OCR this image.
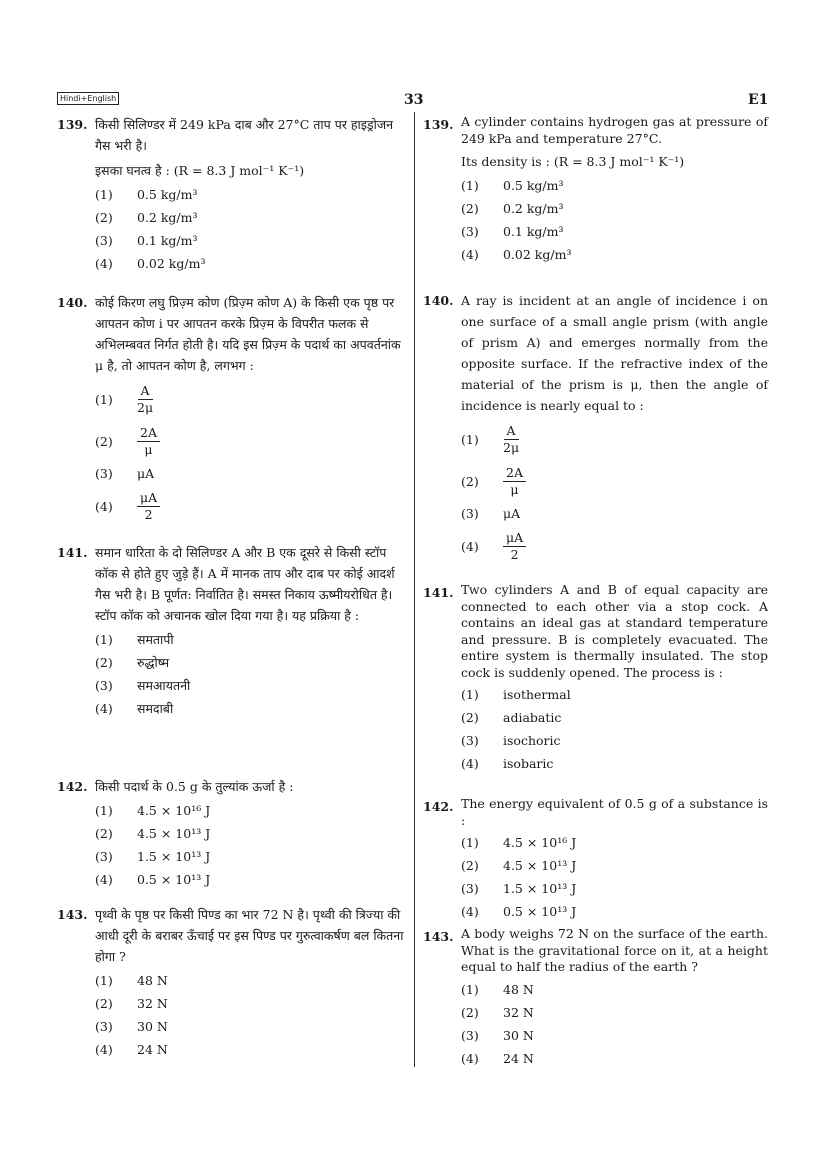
Hindi+English	33	E1
139. किसी सिलिण्डर में 249 kPa दाब और 27°C ताप पर हाइड्रोजन गैस भरी है।
इसका घनत्व है : (R = 8.3 J mol⁻¹ K⁻¹)
(1)	0.5 kg/m³
(2)	0.2 kg/m³
(3)	0.1 kg/m³
(4)	0.02 kg/m³
140. कोई किरण लघु प्रिज़्म कोण (प्रिज़्म कोण A) के किसी एक पृष्ठ पर आपतन कोण i पर आपतन करके प्रिज़्म के विपरीत फलक से अभिलम्बवत निर्गत होती है। यदि इस प्रिज़्म के पदार्थ का अपवर्तनांक μ है, तो आपतन कोण है, लगभग :
(1)	$\frac{A}{2\mu}$
(2)	$\frac{2A}{\mu}$
(3)	μA
(4)	$\frac{\mu A}{2}$
141. समान धारिता के दो सिलिण्डर A और B एक दूसरे से किसी स्टॉप कॉक से होते हुए जुड़े हैं। A में मानक ताप और दाब पर कोई आदर्श गैस भरी है। B पूर्णत: निर्वातित है। समस्त निकाय ऊष्मीयरोधित है। स्टॉप कॉक को अचानक खोल दिया गया है। यह प्रक्रिया है :
(1)	समतापी
(2)	रुद्धोष्म
(3)	समआयतनी
(4)	समदाबी
142. किसी पदार्थ के 0.5 g के तुल्यांक ऊर्जा है :
(1)	4.5 × 10¹⁶ J
(2)	4.5 × 10¹³ J
(3)	1.5 × 10¹³ J
(4)	0.5 × 10¹³ J
143. पृथ्वी के पृष्ठ पर किसी पिण्ड का भार 72 N है। पृथ्वी की त्रिज्या की आधी दूरी के बराबर ऊँचाई पर इस पिण्ड पर गुरुत्वाकर्षण बल कितना होगा ?
(1)	48 N
(2)	32 N
(3)	30 N
(4)	24 N
139. A cylinder contains hydrogen gas at pressure of 249 kPa and temperature 27°C.
Its density is : (R = 8.3 J mol⁻¹ K⁻¹)
(1)	0.5 kg/m³
(2)	0.2 kg/m³
(3)	0.1 kg/m³
(4)	0.02 kg/m³
140. A ray is incident at an angle of incidence i on one surface of a small angle prism (with angle of prism A) and emerges normally from the opposite surface. If the refractive index of the material of the prism is μ, then the angle of incidence is nearly equal to :
(1)	$\frac{A}{2\mu}$
(2)	$\frac{2A}{\mu}$
(3)	μA
(4)	$\frac{\mu A}{2}$
141. Two cylinders A and B of equal capacity are connected to each other via a stop cock. A contains an ideal gas at standard temperature and pressure. B is completely evacuated. The entire system is thermally insulated. The stop cock is suddenly opened. The process is :
(1)	isothermal
(2)	adiabatic
(3)	isochoric
(4)	isobaric
142. The energy equivalent of 0.5 g of a substance is :
(1)	4.5 × 10¹⁶ J
(2)	4.5 × 10¹³ J
(3)	1.5 × 10¹³ J
(4)	0.5 × 10¹³ J
143. A body weighs 72 N on the surface of the earth. What is the gravitational force on it, at a height equal to half the radius of the earth ?
(1)	48 N
(2)	32 N
(3)	30 N
(4)	24 N
